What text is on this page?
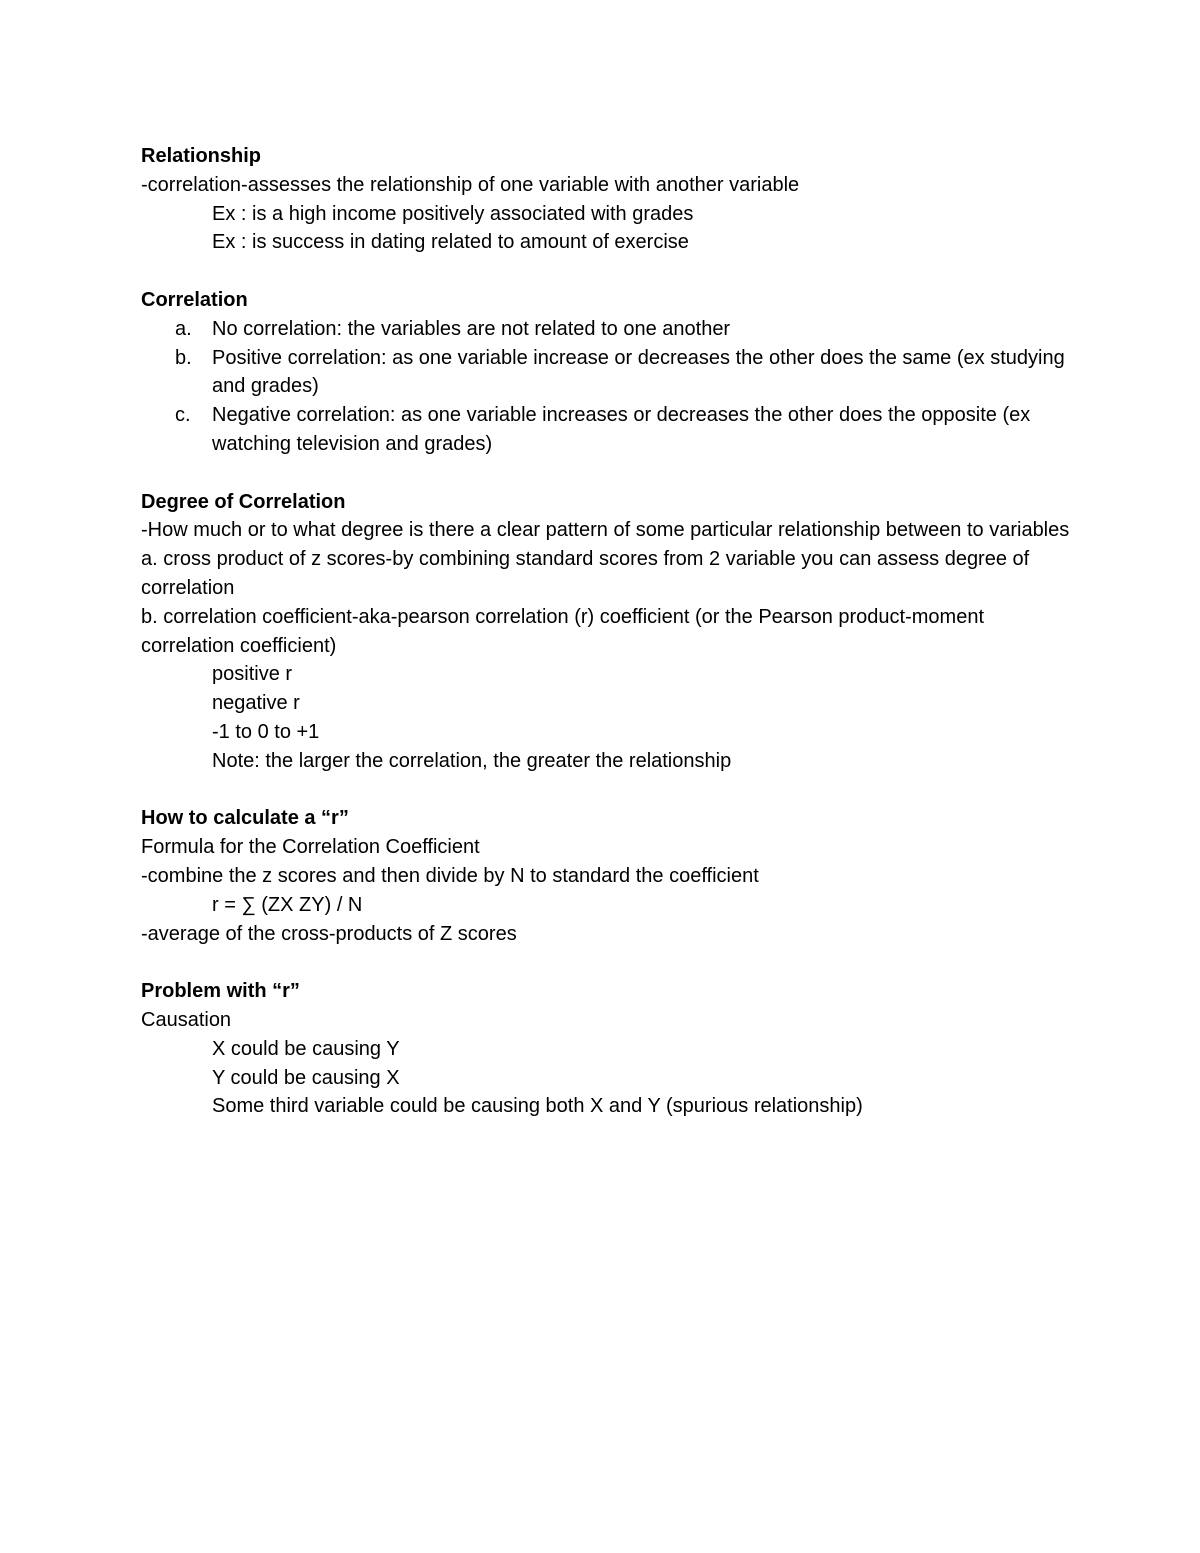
Relationship
-correlation-assesses the relationship of one variable with another variable
Ex : is a high income positively associated with grades
Ex : is success in dating related to amount of exercise
Correlation
a. No correlation: the variables are not related to one another
b. Positive correlation: as one variable increase or decreases the other does the same (ex studying and grades)
c. Negative correlation: as one variable increases or decreases the other does the opposite (ex watching television and grades)
Degree of Correlation
-How much or to what degree is there a clear pattern of some particular relationship between to variables
a. cross product of z scores-by combining standard scores from 2 variable you can assess degree of correlation
b. correlation coefficient-aka-pearson correlation (r) coefficient (or the Pearson product-moment correlation coefficient)
positive r
negative r
-1 to 0 to +1
Note: the larger the correlation, the greater the relationship
How to calculate a “r”
Formula for the Correlation Coefficient
-combine the z scores and then divide by N to standard the coefficient
r = ∑ (ZX ZY) / N
-average of the cross-products of Z scores
Problem with “r”
Causation
X could be causing Y
Y could be causing X
Some third variable could be causing both X and Y (spurious relationship)
